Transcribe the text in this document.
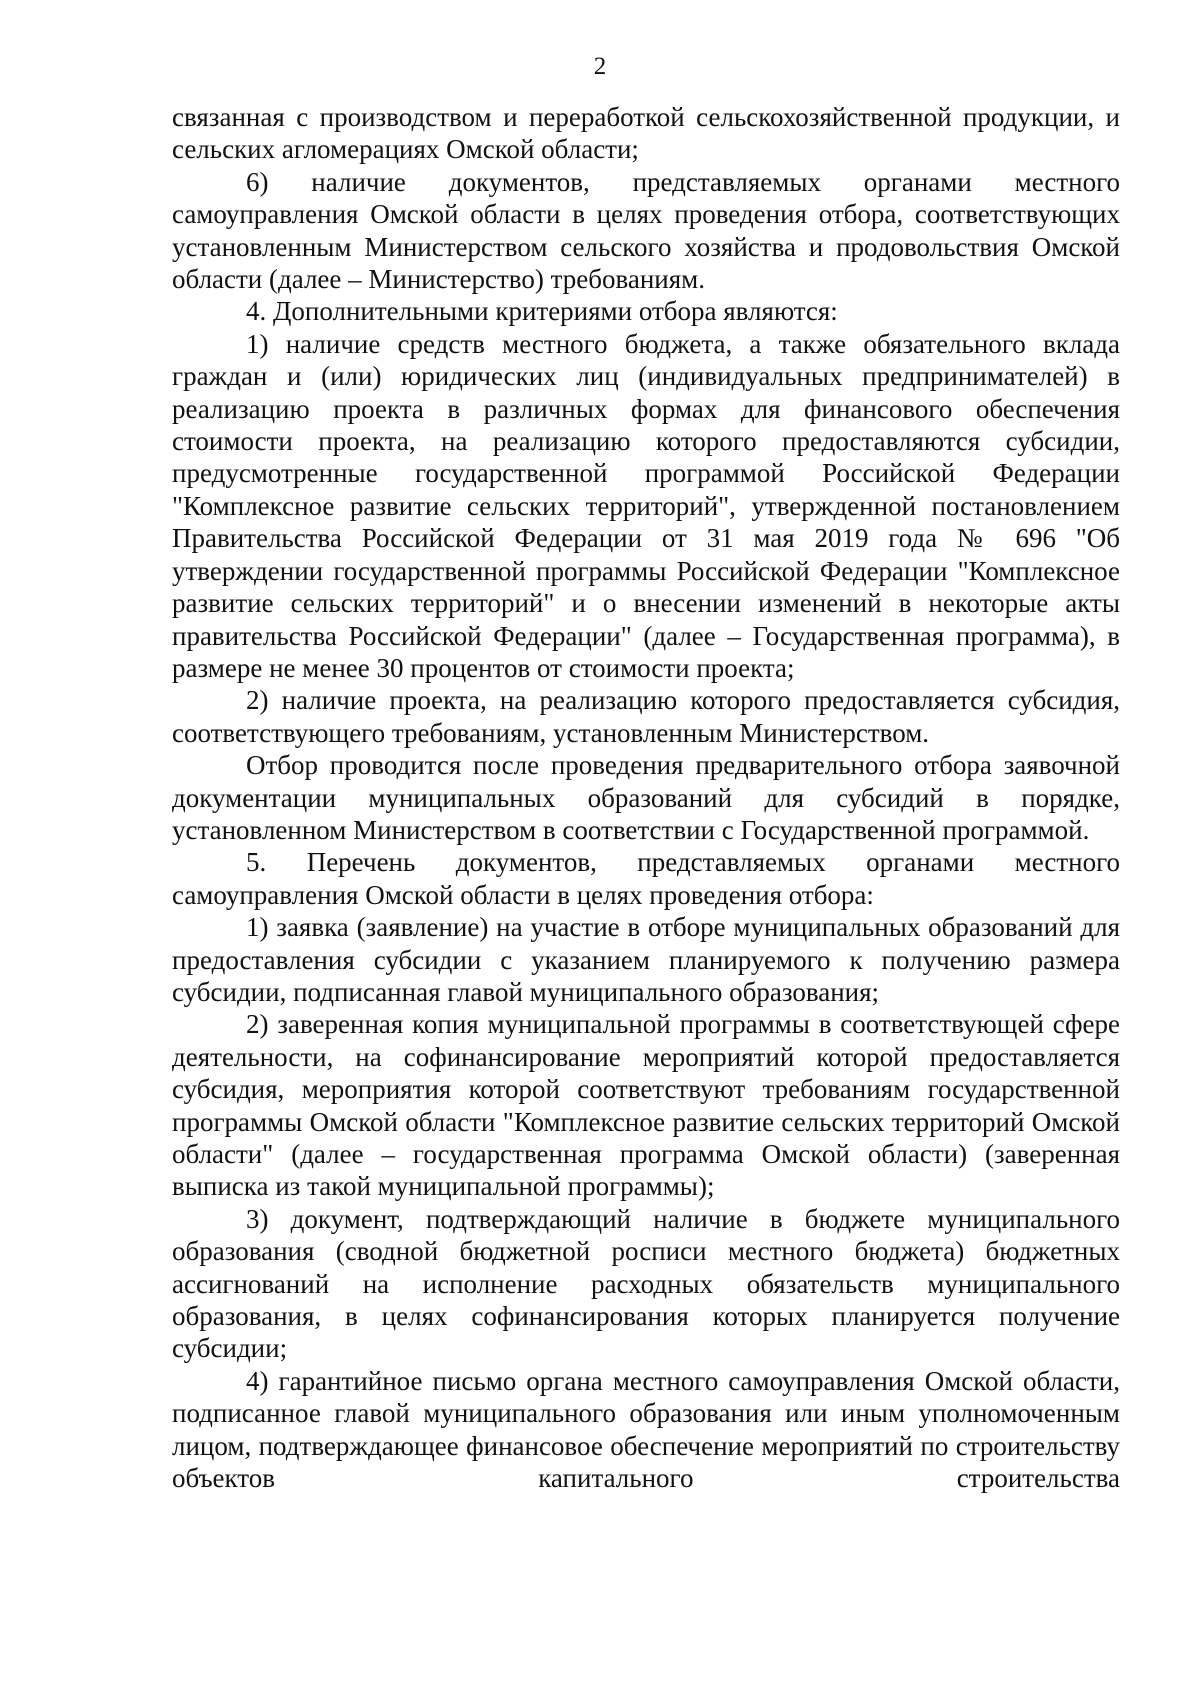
2

связанная с производством и переработкой сельскохозяйственной продукции, и сельских агломерациях Омской области;

6) наличие документов, представляемых органами местного самоуправления Омской области в целях проведения отбора, соответствующих установленным Министерством сельского хозяйства и продовольствия Омской области (далее – Министерство) требованиям.

4. Дополнительными критериями отбора являются:

1) наличие средств местного бюджета, а также обязательного вклада граждан и (или) юридических лиц (индивидуальных предпринимателей) в реализацию проекта в различных формах для финансового обеспечения стоимости проекта, на реализацию которого предоставляются субсидии, предусмотренные государственной программой Российской Федерации "Комплексное развитие сельских территорий", утвержденной постановлением Правительства Российской Федерации от 31 мая 2019 года № 696 "Об утверждении государственной программы Российской Федерации "Комплексное развитие сельских территорий" и о внесении изменений в некоторые акты правительства Российской Федерации" (далее – Государственная программа), в размере не менее 30 процентов от стоимости проекта;

2) наличие проекта, на реализацию которого предоставляется субсидия, соответствующего требованиям, установленным Министерством.

Отбор проводится после проведения предварительного отбора заявочной документации муниципальных образований для субсидий в порядке, установленном Министерством в соответствии с Государственной программой.

5. Перечень документов, представляемых органами местного самоуправления Омской области в целях проведения отбора:

1) заявка (заявление) на участие в отборе муниципальных образований для предоставления субсидии с указанием планируемого к получению размера субсидии, подписанная главой муниципального образования;

2) заверенная копия муниципальной программы в соответствующей сфере деятельности, на софинансирование мероприятий которой предоставляется субсидия, мероприятия которой соответствуют требованиям государственной программы Омской области "Комплексное развитие сельских территорий Омской области" (далее – государственная программа Омской области) (заверенная выписка из такой муниципальной программы);

3) документ, подтверждающий наличие в бюджете муниципального образования (сводной бюджетной росписи местного бюджета) бюджетных ассигнований на исполнение расходных обязательств муниципального образования, в целях софинансирования которых планируется получение субсидии;

4) гарантийное письмо органа местного самоуправления Омской области, подписанное главой муниципального образования или иным уполномоченным лицом, подтверждающее финансовое обеспечение мероприятий по строительству объектов капитального строительства
